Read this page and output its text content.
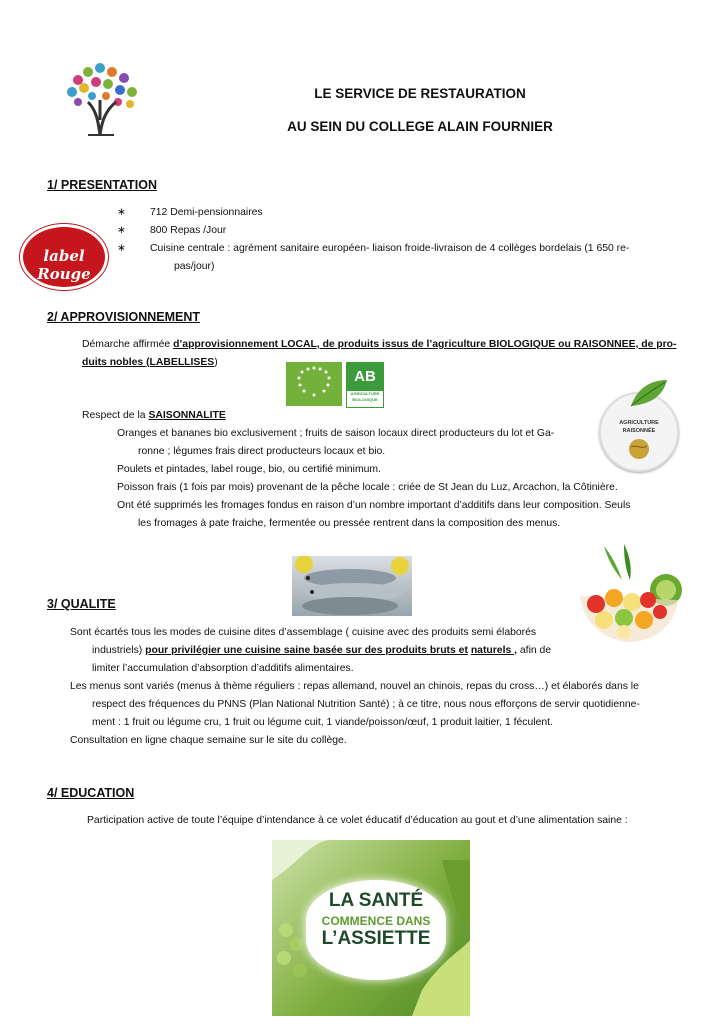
LE SERVICE DE RESTAURATION
AU SEIN DU COLLEGE ALAIN FOURNIER
1/ PRESENTATION
label Rouge
∗ 712 Demi-pensionnaires
∗ 800 Repas /Jour
∗ Cuisine centrale : agrément sanitaire européen- liaison froide-livraison de 4 collèges bordelais (1 650 re-
pas/jour)
2/ APPROVISIONNEMENT
Démarche affirmée d’approvisionnement LOCAL, de produits issus de l’agriculture BIOLOGIQUE ou RAISONNEE, de pro-
duits nobles (LABELLISES)
AB
AGRICULTURE
BIOLOGIQUE
AGRICULTURE
RAISONNÉE
Respect de la SAISONNALITE
Oranges et bananes bio exclusivement ; fruits de saison locaux direct producteurs du lot et Ga-
ronne ; légumes frais direct producteurs locaux et bio.
Poulets et pintades, label rouge, bio, ou certifié minimum.
Poisson frais (1 fois par mois) provenant de la pêche locale : criée de St Jean du Luz, Arcachon, la Côtinière.
Ont été supprimés les fromages fondus en raison d’un nombre important d’additifs dans leur composition. Seuls
les fromages à pate fraiche, fermentée ou pressée rentrent dans la composition des menus.
3/ QUALITE
Sont écartés tous les modes de cuisine dites d’assemblage ( cuisine avec des produits semi élaborés
industriels) pour privilégier une cuisine saine basée sur des produits bruts et naturels , afin de
limiter l’accumulation d’absorption d’additifs alimentaires.
Les menus sont variés (menus à thème réguliers : repas allemand, nouvel an chinois, repas du cross…) et élaborés dans le
respect des fréquences du PNNS (Plan National Nutrition Santé) ; à ce titre, nous nous efforçons de servir quotidienne-
ment : 1 fruit ou légume cru, 1 fruit ou légume cuit, 1 viande/poisson/œuf, 1 produit laitier, 1 féculent.
Consultation en ligne chaque semaine sur le site du collège.
4/ EDUCATION
Participation active de toute l’équipe d’intendance à ce volet éducatif d’éducation au gout et d’une alimentation saine :
LA SANTÉ
COMMENCE DANS
L’ASSIETTE
